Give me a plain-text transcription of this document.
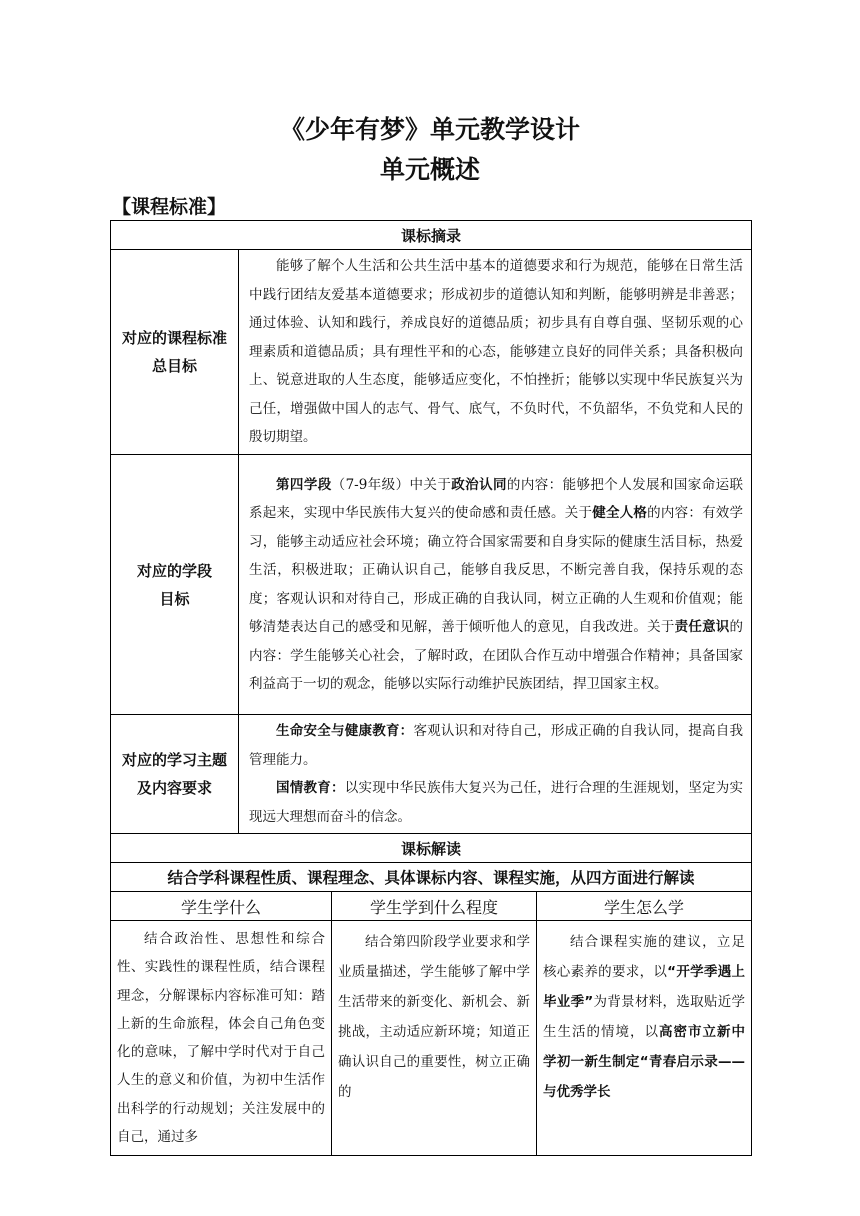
《少年有梦》单元教学设计
单元概述
【课程标准】
课标摘录			

对应的课程标准总目标	能够了解个人生活和公共生活中基本的道德要求和行为规范，能够在日常生活中践行团结友爱基本道德要求；形成初步的道德认知和判断，能够明辨是非善恶；通过体验、认知和践行，养成良好的道德品质；初步具有自尊自强、坚韧乐观的心理素质和道德品质；具有理性平和的心态，能够建立良好的同伴关系；具备积极向上、锐意进取的人生态度，能够适应变化，不怕挫折；能够以实现中华民族复兴为己任，增强做中国人的志气、骨气、底气，不负时代，不负韶华，不负党和人民的殷切期望。		

对应的学段目标	第四学段（7-9年级）中关于政治认同的内容：能够把个人发展和国家命运联系起来，实现中华民族伟大复兴的使命感和责任感。关于健全人格的内容：有效学习，能够主动适应社会环境；确立符合国家需要和自身实际的健康生活目标，热爱生活，积极进取；正确认识自己，能够自我反思，不断完善自我，保持乐观的态度；客观认识和对待自己，形成正确的自我认同，树立正确的人生观和价值观；能够清楚表达自己的感受和见解，善于倾听他人的意见，自我改进。关于责任意识的内容：学生能够关心社会，了解时政，在团队合作互动中增强合作精神；具备国家利益高于一切的观念，能够以实际行动维护民族团结，捍卫国家主权。		

对应的学习主题及内容要求	生命安全与健康教育：客观认识和对待自己，形成正确的自我认同，提高自我管理能力。
国情教育：以实现中华民族伟大复兴为己任，进行合理的生涯规划，坚定为实现远大理想而奋斗的信念。		

课标解读			
结合学科课程性质、课程理念、具体课标内容、课程实施，从四方面进行解读			
学生学什么		学生学到什么程度	学生怎么学

结合政治性、思想性和综合性、实践性的课程性质，结合课程理念，分解课标内容标准可知：踏上新的生命旅程，体会自己角色变化的意味，了解中学时代对于自己人生的意义和价值，为初中生活作出科学的行动规划；关注发展中的自己，通过多		结合第四阶段学业要求和学业质量描述，学生能够了解中学生活带来的新变化、新机会、新挑战，主动适应新环境；知道正确认识自己的重要性，树立正确的	结合课程实施的建议，立足核心素养的要求，以“开学季遇上毕业季”为背景材料，选取贴近学生生活的情境，以高密市立新中学初一新生制定“青春启示录——与优秀学长
